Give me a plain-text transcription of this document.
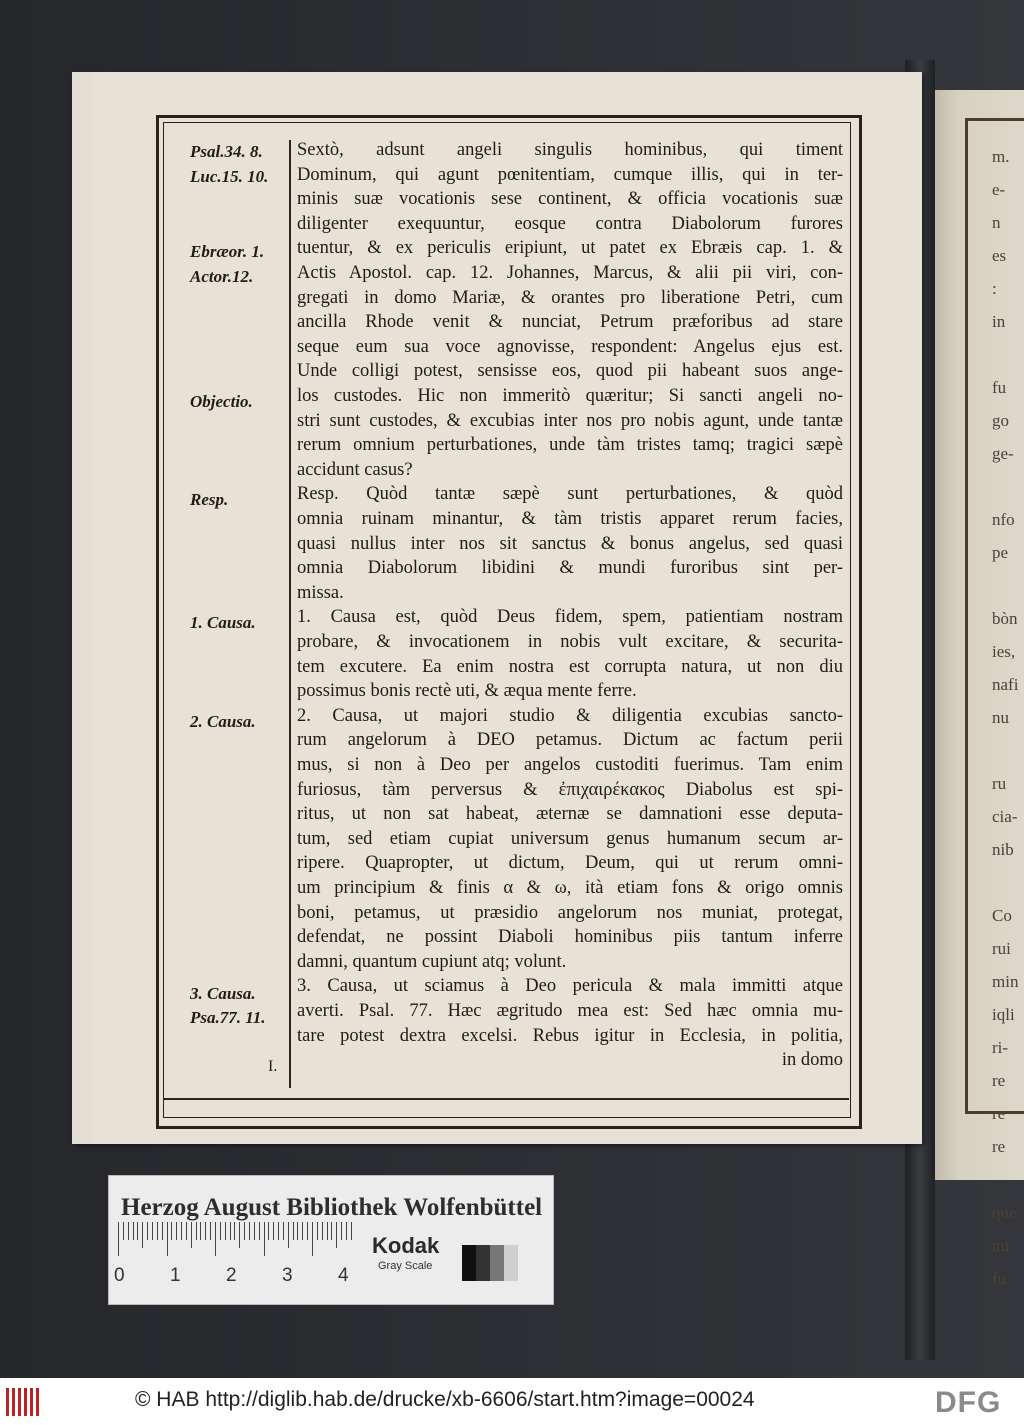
m.
e-
n
es
:
in

fu
go
ge-

nfo
pe

bòn
ies,
nafi
nu

ru
cia-
nib

Co
rui
min
iqli
ri-
re
re
re

que
nu
fu
Psal.34. 8.
Luc.15. 10.
Ebræor. 1.
Actor.12.
Objectio.
Resp.
1. Causa.
2. Causa.
3. Causa.
Psa.77. 11.
Sextò, adsunt angeli singulis hominibus, qui timent
Dominum, qui agunt pœnitentiam, cumque illis, qui in ter-
minis suæ vocationis sese continent, & officia vocationis suæ
diligenter exequuntur, eosque contra Diabolorum furores
tuentur, & ex periculis eripiunt, ut patet ex Ebræis cap. 1. &
Actis Apostol. cap. 12. Johannes, Marcus, & alii pii viri, con-
gregati in domo Mariæ, & orantes pro liberatione Petri, cum
ancilla Rhode venit & nunciat, Petrum præforibus ad stare
seque eum sua voce agnovisse, respondent: Angelus ejus est.
Unde colligi potest, sensisse eos, quod pii habeant suos ange-
los custodes. Hic non immeritò quæritur; Si sancti angeli no-
stri sunt custodes, & excubias inter nos pro nobis agunt, unde tantæ
rerum omnium perturbationes, unde tàm tristes tamq; tragici sæpè
accidunt casus?
Resp. Quòd tantæ sæpè sunt perturbationes, & quòd
omnia ruinam minantur, & tàm tristis apparet rerum facies,
quasi nullus inter nos sit sanctus & bonus angelus, sed quasi
omnia Diabolorum libidini & mundi furoribus sint per-
missa.
1. Causa est, quòd Deus fidem, spem, patientiam nostram
probare, & invocationem in nobis vult excitare, & securita-
tem excutere. Ea enim nostra est corrupta natura, ut non diu
possimus bonis rectè uti, & æqua mente ferre.
2. Causa, ut majori studio & diligentia excubias sancto-
rum angelorum à DEO petamus. Dictum ac factum perii
mus, si non à Deo per angelos custoditi fuerimus. Tam enim
furiosus, tàm perversus & ἐπιχαιρέκακος Diabolus est spi-
ritus, ut non sat habeat, æternæ se damnationi esse deputa-
tum, sed etiam cupiat universum genus humanum secum ar-
ripere. Quapropter, ut dictum, Deum, qui ut rerum omni-
um principium & finis α & ω, ità etiam fons & origo omnis
boni, petamus, ut præsidio angelorum nos muniat, protegat,
defendat, ne possint Diaboli hominibus piis tantum inferre
damni, quantum cupiunt atq; volunt.
3. Causa, ut sciamus à Deo pericula & mala immitti atque
averti. Psal. 77. Hæc ægritudo mea est: Sed hæc omnia mu-
tare potest dextra excelsi. Rebus igitur in Ecclesia, in politia,
in domo
I.
Herzog August Bibliothek Wolfenbüttel
0 1 2 3 4
Kodak
Gray Scale
© HAB http://diglib.hab.de/drucke/xb-6606/start.htm?image=00024	DFG
